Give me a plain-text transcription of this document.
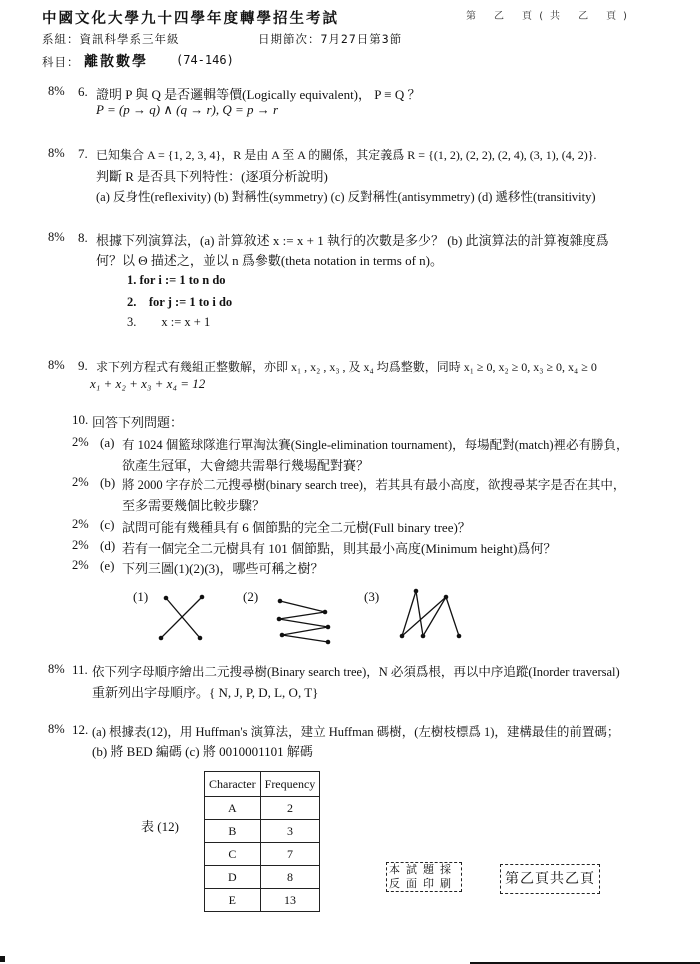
中國文化大學九十四學年度轉學招生考試	第 乙 頁(共 乙 頁)
系組：資訊科學系三年級	日期節次：7月27日第3節
科目： 離散數學 (74-146)
8% 6. 證明 P 與 Q 是否邏輯等價(Logically equivalent)， P ≡ Q ？
P = (p → q) ∧ (q → r), Q = p → r
8% 7. 已知集合 A = {1, 2, 3, 4}，R 是由 A 至 A 的關係，其定義爲 R = {(1, 2), (2, 2), (2, 4), (3, 1), (4, 2)}.
判斷 R 是否具下列特性：(逐項分析說明)
(a) 反身性(reflexivity) (b) 對稱性(symmetry) (c) 反對稱性(antisymmetry) (d) 遞移性(transitivity)
8% 8. 根據下列演算法，(a) 計算敘述 x := x + 1 執行的次數是多少？ (b) 此演算法的計算複雜度爲
何？以 Θ 描述之，並以 n 爲參數(theta notation in terms of n)。
1. for i := 1 to n do
2.    for j := 1 to i do
3.        x := x + 1
8% 9. 求下列方程式有幾組正整數解，亦即 x₁ , x₂ , x₃ , 及 x₄ 均爲整數，同時 x₁ ≥ 0, x₂ ≥ 0, x₃ ≥ 0, x₄ ≥ 0
x₁ + x₂ + x₃ + x₄ = 12
10. 回答下列問題：
2% (a) 有 1024 個籃球隊進行單淘汰賽(Single-elimination tournament)，每場配對(match)裡必有勝負，
欲產生冠軍，大會總共需舉行幾場配對賽？
2% (b) 將 2000 字存於二元搜尋樹(binary search tree)，若其具有最小高度，欲搜尋某字是否在其中，
至多需要幾個比較步驟？
2% (c) 試問可能有幾種具有 6 個節點的完全二元樹(Full binary tree)？
2% (d) 若有一個完全二元樹具有 101 個節點，則其最小高度(Minimum height)爲何？
2% (e) 下列三圖(1)(2)(3)，哪些可稱之樹？
(1)	(2)	(3)
8% 11. 依下列字母順序繪出二元搜尋樹(Binary search tree)，N 必須爲根，再以中序追蹤(Inorder traversal)
重新列出字母順序。{ N, J, P, D, L, O, T}
8% 12. (a) 根據表(12)，用 Huffman's 演算法，建立 Huffman 碼樹，(左樹枝標爲 1)，建構最佳的前置碼；
(b) 將 BED 編碼 (c) 將 0010001101 解碼
表 (12)
Character	Frequency
A	2
B	3
C	7
D	8
E	13
本試題採
反面印刷	第乙頁共乙頁
